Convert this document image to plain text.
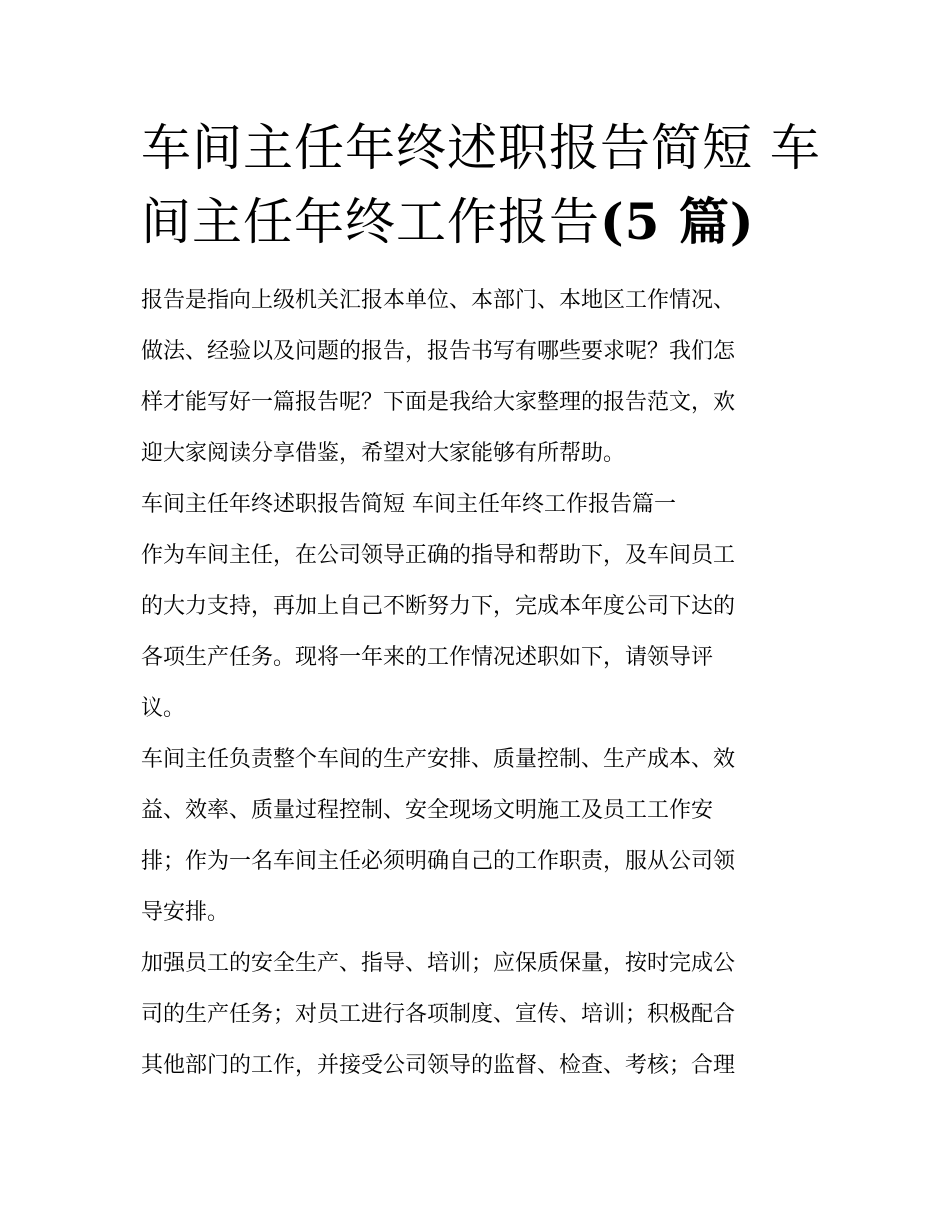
车间主任年终述职报告简短 车
间主任年终工作报告(5 篇)

报告是指向上级机关汇报本单位、本部门、本地区工作情况、
做法、经验以及问题的报告，报告书写有哪些要求呢？我们怎
样才能写好一篇报告呢？下面是我给大家整理的报告范文，欢
迎大家阅读分享借鉴，希望对大家能够有所帮助。

车间主任年终述职报告简短 车间主任年终工作报告篇一

作为车间主任，在公司领导正确的指导和帮助下，及车间员工
的大力支持，再加上自己不断努力下，完成本年度公司下达的
各项生产任务。现将一年来的工作情况述职如下，请领导评
议。

车间主任负责整个车间的生产安排、质量控制、生产成本、效
益、效率、质量过程控制、安全现场文明施工及员工工作安
排；作为一名车间主任必须明确自己的工作职责，服从公司领
导安排。

加强员工的安全生产、指导、培训；应保质保量，按时完成公
司的生产任务；对员工进行各项制度、宣传、培训；积极配合
其他部门的工作，并接受公司领导的监督、检查、考核；合理
